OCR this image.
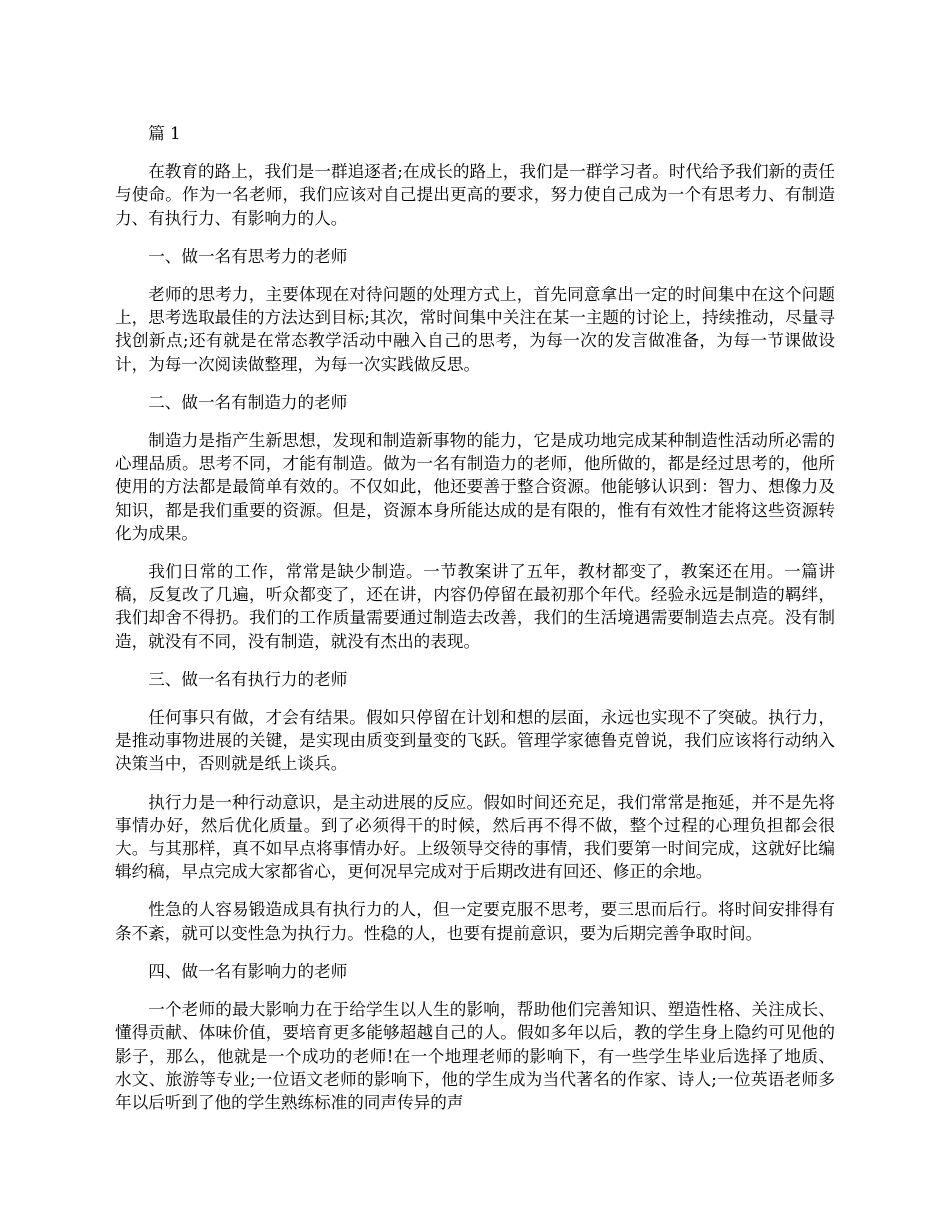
篇 1

在教育的路上，我们是一群追逐者;在成长的路上，我们是一群学习者。时代给予我们新的责任与使命。作为一名老师，我们应该对自己提出更高的要求，努力使自己成为一个有思考力、有制造力、有执行力、有影响力的人。

一、做一名有思考力的老师

老师的思考力，主要体现在对待问题的处理方式上，首先同意拿出一定的时间集中在这个问题上，思考选取最佳的方法达到目标;其次，常时间集中关注在某一主题的讨论上，持续推动，尽量寻找创新点;还有就是在常态教学活动中融入自己的思考，为每一次的发言做准备，为每一节课做设计，为每一次阅读做整理，为每一次实践做反思。

二、做一名有制造力的老师

制造力是指产生新思想，发现和制造新事物的能力，它是成功地完成某种制造性活动所必需的心理品质。思考不同，才能有制造。做为一名有制造力的老师，他所做的，都是经过思考的，他所使用的方法都是最简单有效的。不仅如此，他还要善于整合资源。他能够认识到：智力、想像力及知识，都是我们重要的资源。但是，资源本身所能达成的是有限的，惟有有效性才能将这些资源转化为成果。

我们日常的工作，常常是缺少制造。一节教案讲了五年，教材都变了，教案还在用。一篇讲稿，反复改了几遍，听众都变了，还在讲，内容仍停留在最初那个年代。经验永远是制造的羁绊，我们却舍不得扔。我们的工作质量需要通过制造去改善，我们的生活境遇需要制造去点亮。没有制造，就没有不同，没有制造，就没有杰出的表现。

三、做一名有执行力的老师

任何事只有做，才会有结果。假如只停留在计划和想的层面，永远也实现不了突破。执行力，是推动事物进展的关键，是实现由质变到量变的飞跃。管理学家德鲁克曾说，我们应该将行动纳入决策当中，否则就是纸上谈兵。

执行力是一种行动意识，是主动进展的反应。假如时间还充足，我们常常是拖延，并不是先将事情办好，然后优化质量。到了必须得干的时候，然后再不得不做，整个过程的心理负担都会很大。与其那样，真不如早点将事情办好。上级领导交待的事情，我们要第一时间完成，这就好比编辑约稿，早点完成大家都省心，更何况早完成对于后期改进有回还、修正的余地。

性急的人容易锻造成具有执行力的人，但一定要克服不思考，要三思而后行。将时间安排得有条不紊，就可以变性急为执行力。性稳的人，也要有提前意识，要为后期完善争取时间。

四、做一名有影响力的老师

一个老师的最大影响力在于给学生以人生的影响，帮助他们完善知识、塑造性格、关注成长、懂得贡献、体味价值，要培育更多能够超越自己的人。假如多年以后，教的学生身上隐约可见他的影子，那么，他就是一个成功的老师!在一个地理老师的影响下，有一些学生毕业后选择了地质、水文、旅游等专业;一位语文老师的影响下，他的学生成为当代著名的作家、诗人;一位英语老师多年以后听到了他的学生熟练标准的同声传异的声
